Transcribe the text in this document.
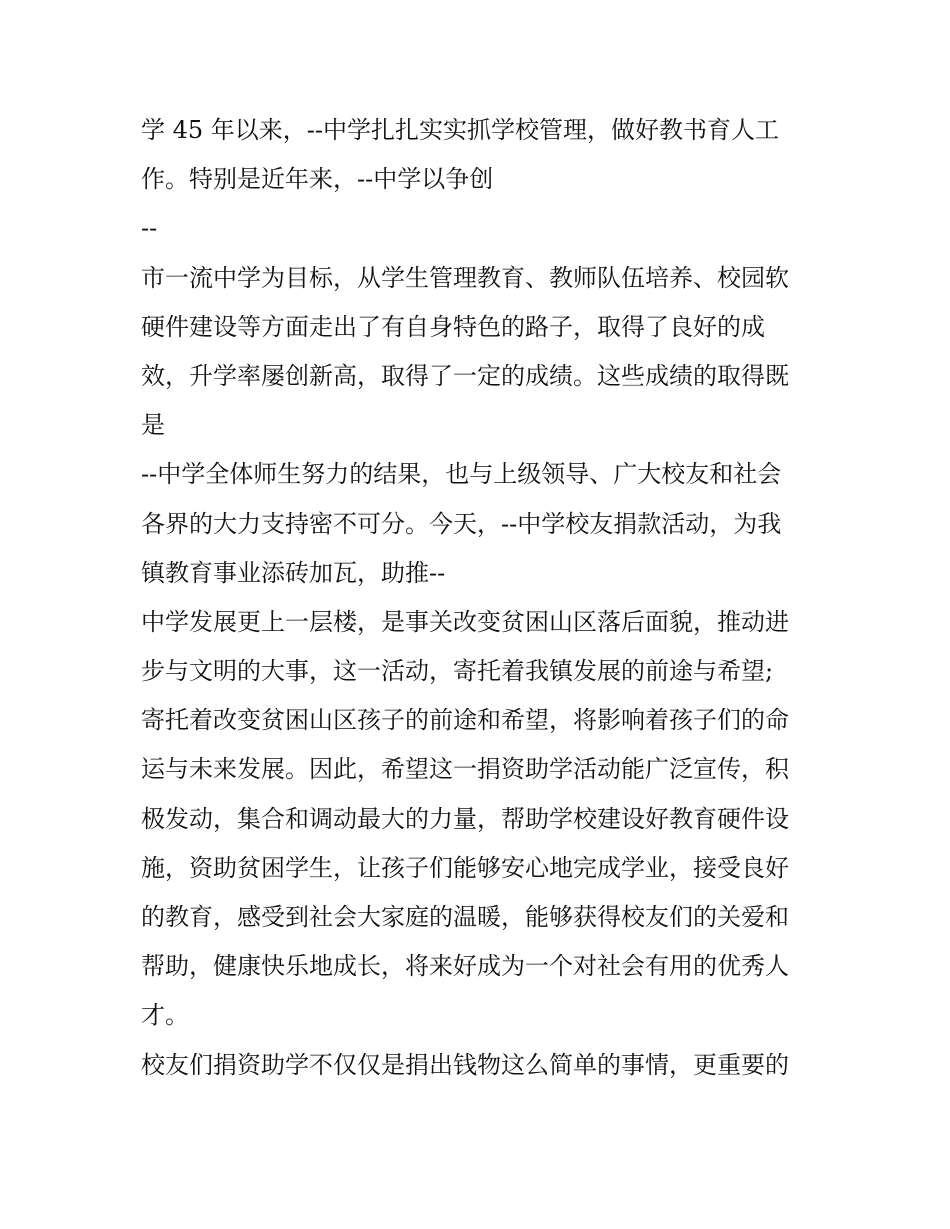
学 45 年以来，--中学扎扎实实抓学校管理，做好教书育人工
作。特别是近年来，--中学以争创
--
市一流中学为目标，从学生管理教育、教师队伍培养、校园软
硬件建设等方面走出了有自身特色的路子，取得了良好的成
效，升学率屡创新高，取得了一定的成绩。这些成绩的取得既
是
--中学全体师生努力的结果，也与上级领导、广大校友和社会
各界的大力支持密不可分。今天，--中学校友捐款活动，为我
镇教育事业添砖加瓦，助推--
中学发展更上一层楼，是事关改变贫困山区落后面貌，推动进
步与文明的大事，这一活动，寄托着我镇发展的前途与希望;
寄托着改变贫困山区孩子的前途和希望，将影响着孩子们的命
运与未来发展。因此，希望这一捐资助学活动能广泛宣传，积
极发动，集合和调动最大的力量，帮助学校建设好教育硬件设
施，资助贫困学生，让孩子们能够安心地完成学业，接受良好
的教育，感受到社会大家庭的温暖，能够获得校友们的关爱和
帮助，健康快乐地成长，将来好成为一个对社会有用的优秀人
才。
校友们捐资助学不仅仅是捐出钱物这么简单的事情，更重要的
